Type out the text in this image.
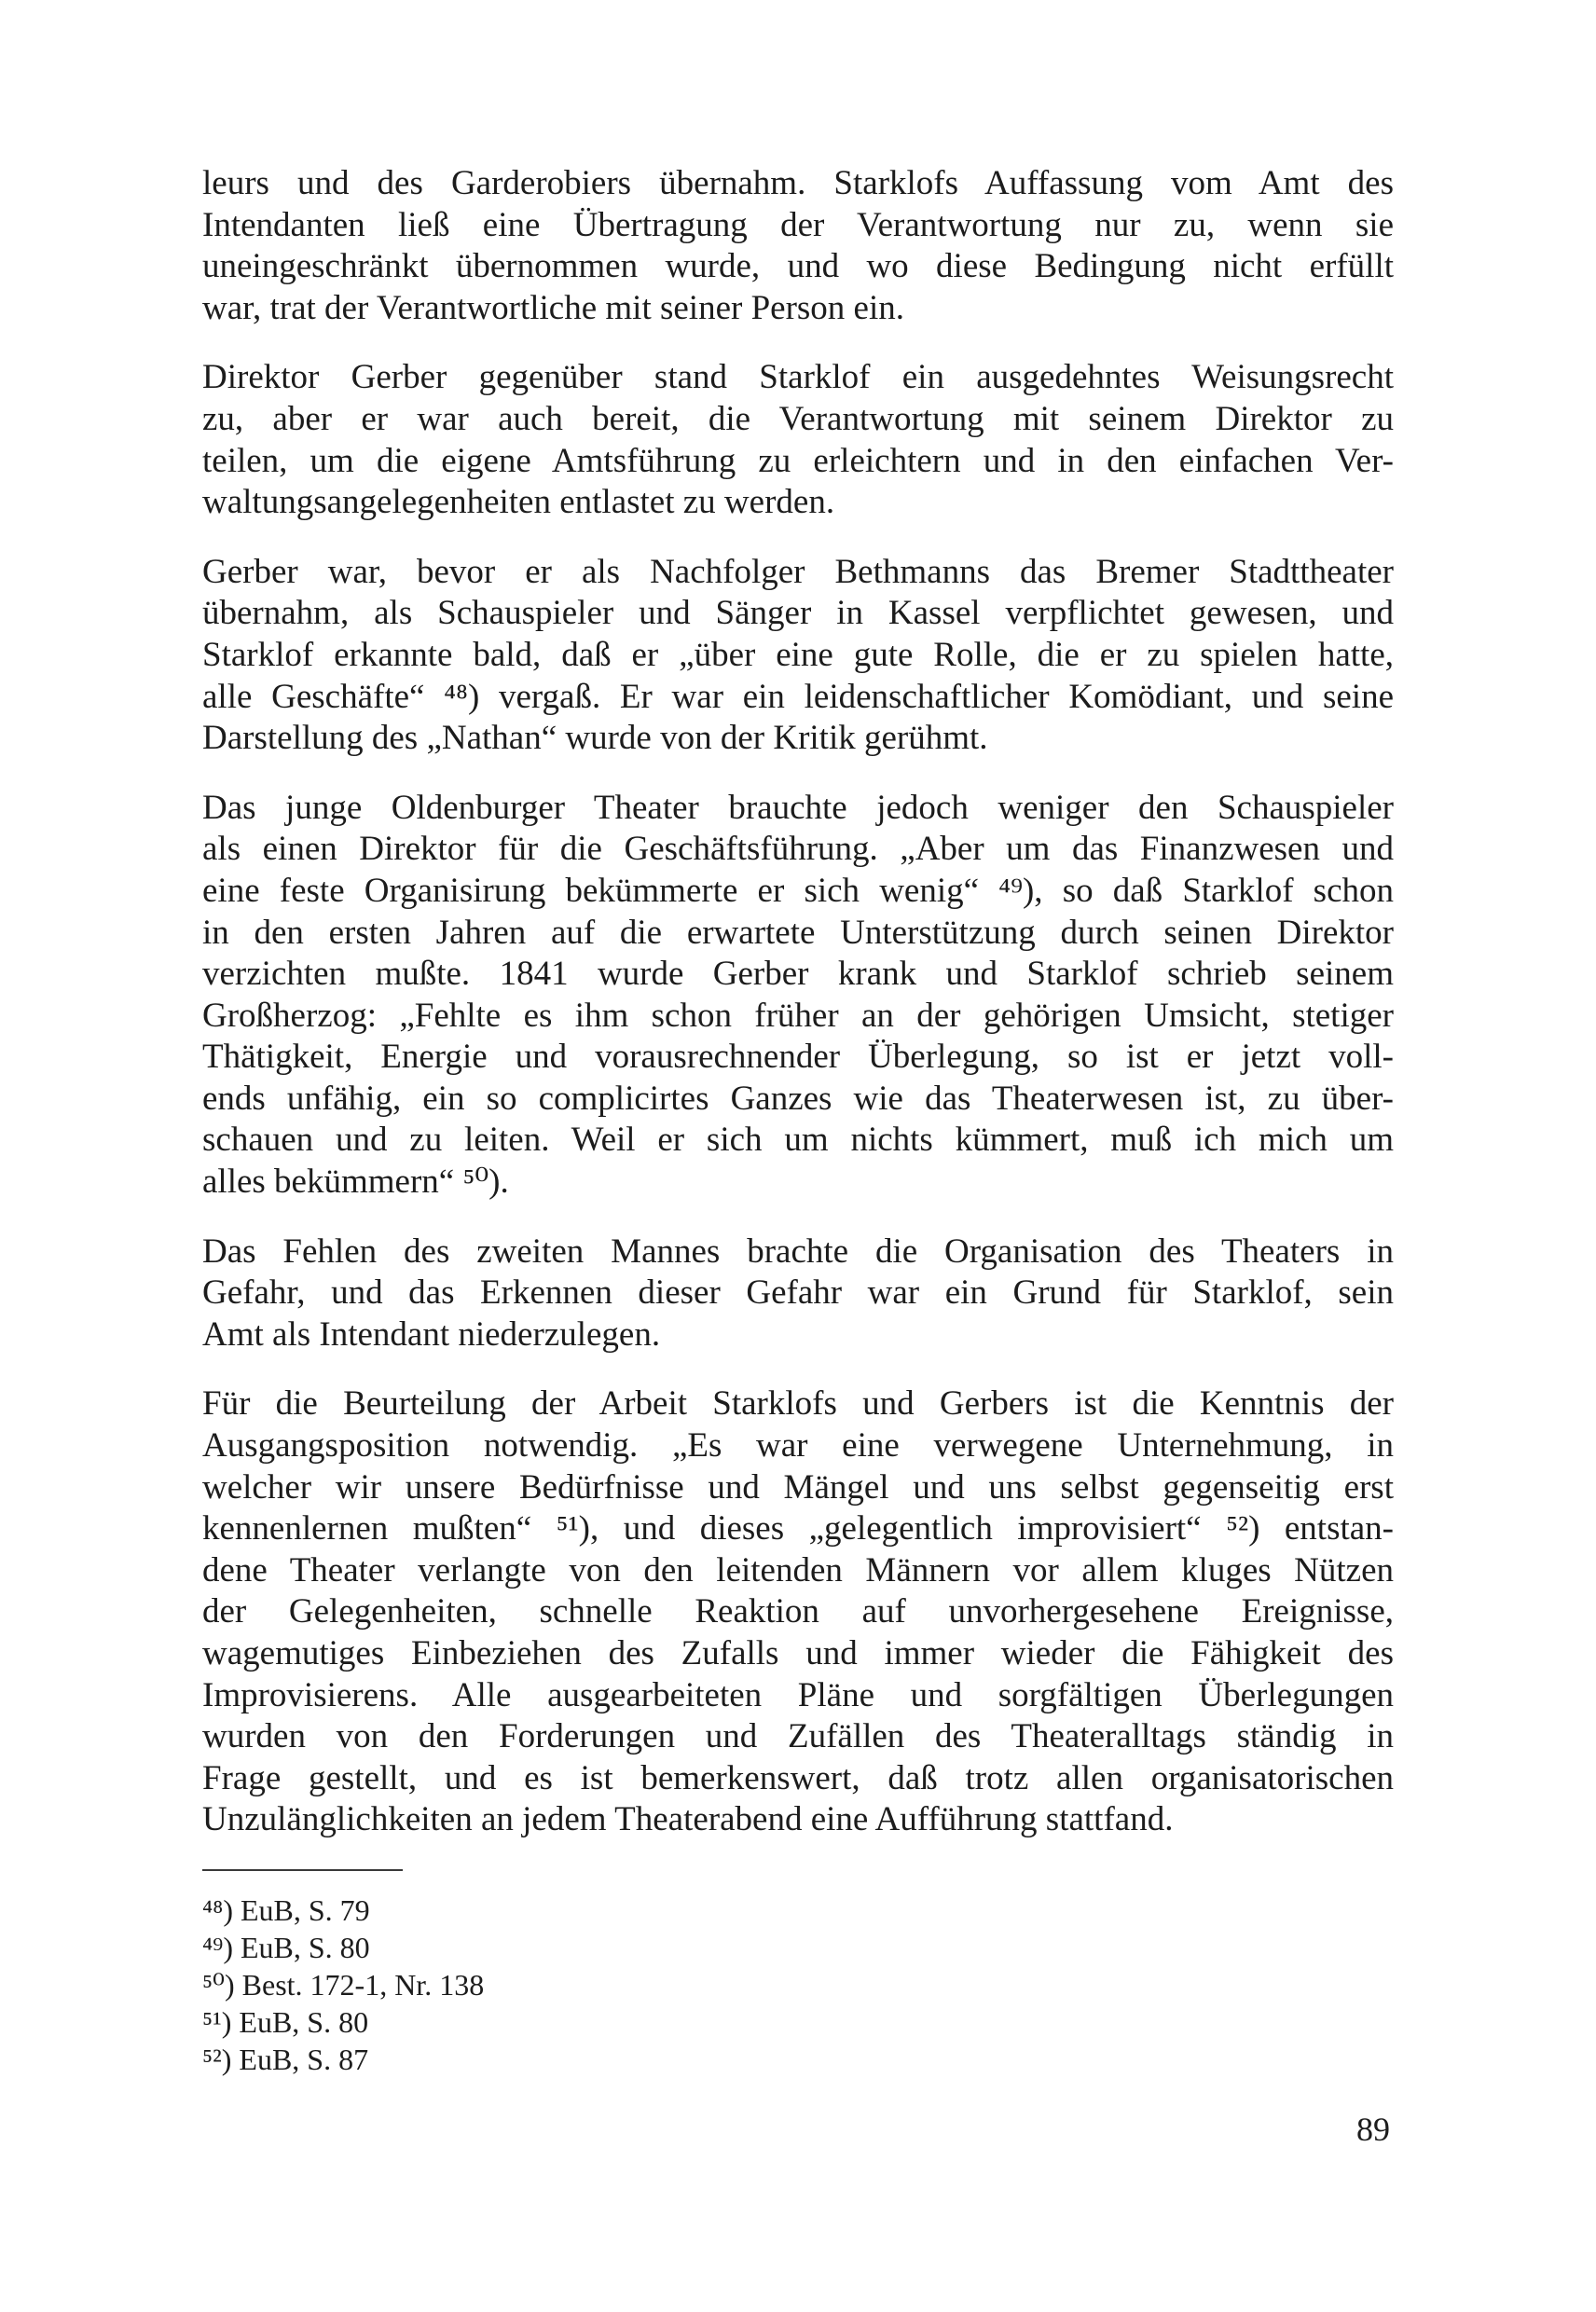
leurs und des Garderobiers übernahm. Starklofs Auffassung vom Amt des
Intendanten ließ eine Übertragung der Verantwortung nur zu, wenn sie
uneingeschränkt übernommen wurde, und wo diese Bedingung nicht erfüllt
war, trat der Verantwortliche mit seiner Person ein.

Direktor Gerber gegenüber stand Starklof ein ausgedehntes Weisungsrecht
zu, aber er war auch bereit, die Verantwortung mit seinem Direktor zu
teilen, um die eigene Amtsführung zu erleichtern und in den einfachen Ver-
waltungsangelegenheiten entlastet zu werden.

Gerber war, bevor er als Nachfolger Bethmanns das Bremer Stadttheater
übernahm, als Schauspieler und Sänger in Kassel verpflichtet gewesen, und
Starklof erkannte bald, daß er „über eine gute Rolle, die er zu spielen hatte,
alle Geschäfte“ ⁴⁸) vergaß. Er war ein leidenschaftlicher Komödiant, und seine
Darstellung des „Nathan“ wurde von der Kritik gerühmt.

Das junge Oldenburger Theater brauchte jedoch weniger den Schauspieler
als einen Direktor für die Geschäftsführung. „Aber um das Finanzwesen und
eine feste Organisirung bekümmerte er sich wenig“ ⁴⁹), so daß Starklof schon
in den ersten Jahren auf die erwartete Unterstützung durch seinen Direktor
verzichten mußte. 1841 wurde Gerber krank und Starklof schrieb seinem
Großherzog: „Fehlte es ihm schon früher an der gehörigen Umsicht, stetiger
Thätigkeit, Energie und vorausrechnender Überlegung, so ist er jetzt voll-
ends unfähig, ein so complicirtes Ganzes wie das Theaterwesen ist, zu über-
schauen und zu leiten. Weil er sich um nichts kümmert, muß ich mich um
alles bekümmern“ ⁵⁰).

Das Fehlen des zweiten Mannes brachte die Organisation des Theaters in
Gefahr, und das Erkennen dieser Gefahr war ein Grund für Starklof, sein
Amt als Intendant niederzulegen.

Für die Beurteilung der Arbeit Starklofs und Gerbers ist die Kenntnis der
Ausgangsposition notwendig. „Es war eine verwegene Unternehmung, in
welcher wir unsere Bedürfnisse und Mängel und uns selbst gegenseitig erst
kennenlernen mußten“ ⁵¹), und dieses „gelegentlich improvisiert“ ⁵²) entstan-
dene Theater verlangte von den leitenden Männern vor allem kluges Nützen
der Gelegenheiten, schnelle Reaktion auf unvorhergesehene Ereignisse,
wagemutiges Einbeziehen des Zufalls und immer wieder die Fähigkeit des
Improvisierens. Alle ausgearbeiteten Pläne und sorgfältigen Überlegungen
wurden von den Forderungen und Zufällen des Theateralltags ständig in
Frage gestellt, und es ist bemerkenswert, daß trotz allen organisatorischen
Unzulänglichkeiten an jedem Theaterabend eine Aufführung stattfand.

⁴⁸) EuB, S. 79
⁴⁹) EuB, S. 80
⁵⁰) Best. 172-1, Nr. 138
⁵¹) EuB, S. 80
⁵²) EuB, S. 87
89
